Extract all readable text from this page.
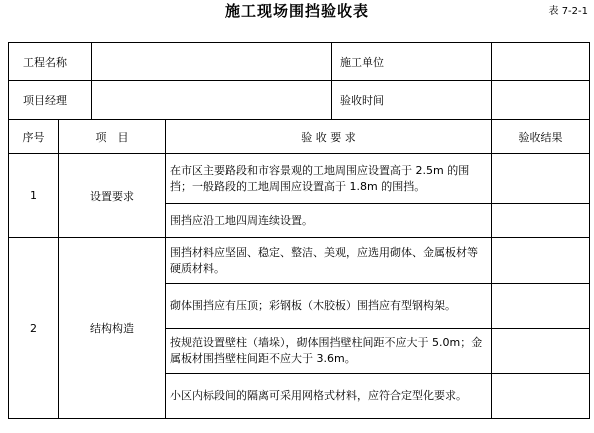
施工现场围挡验收表	表 7-2-1
工程名称				施工单位	
项目经理				验收时间	
序号	项　目		验 收 要 求		验收结果
1	设置要求		在市区主要路段和市容景观的工地周围应设置高于 2.5m 的围挡；一般路段的工地周围应设置高于 1.8m 的围挡。		
			围挡应沿工地四周连续设置。		
2	结构构造		围挡材料应坚固、稳定、整洁、美观，应选用砌体、金属板材等硬质材料。		
			砌体围挡应有压顶；彩钢板（木胶板）围挡应有型钢构架。		
			按规范设置壁柱（墙垛），砌体围挡壁柱间距不应大于 5.0m；金属板材围挡壁柱间距不应大于 3.6m。		
			小区内标段间的隔离可采用网格式材料，应符合定型化要求。		
